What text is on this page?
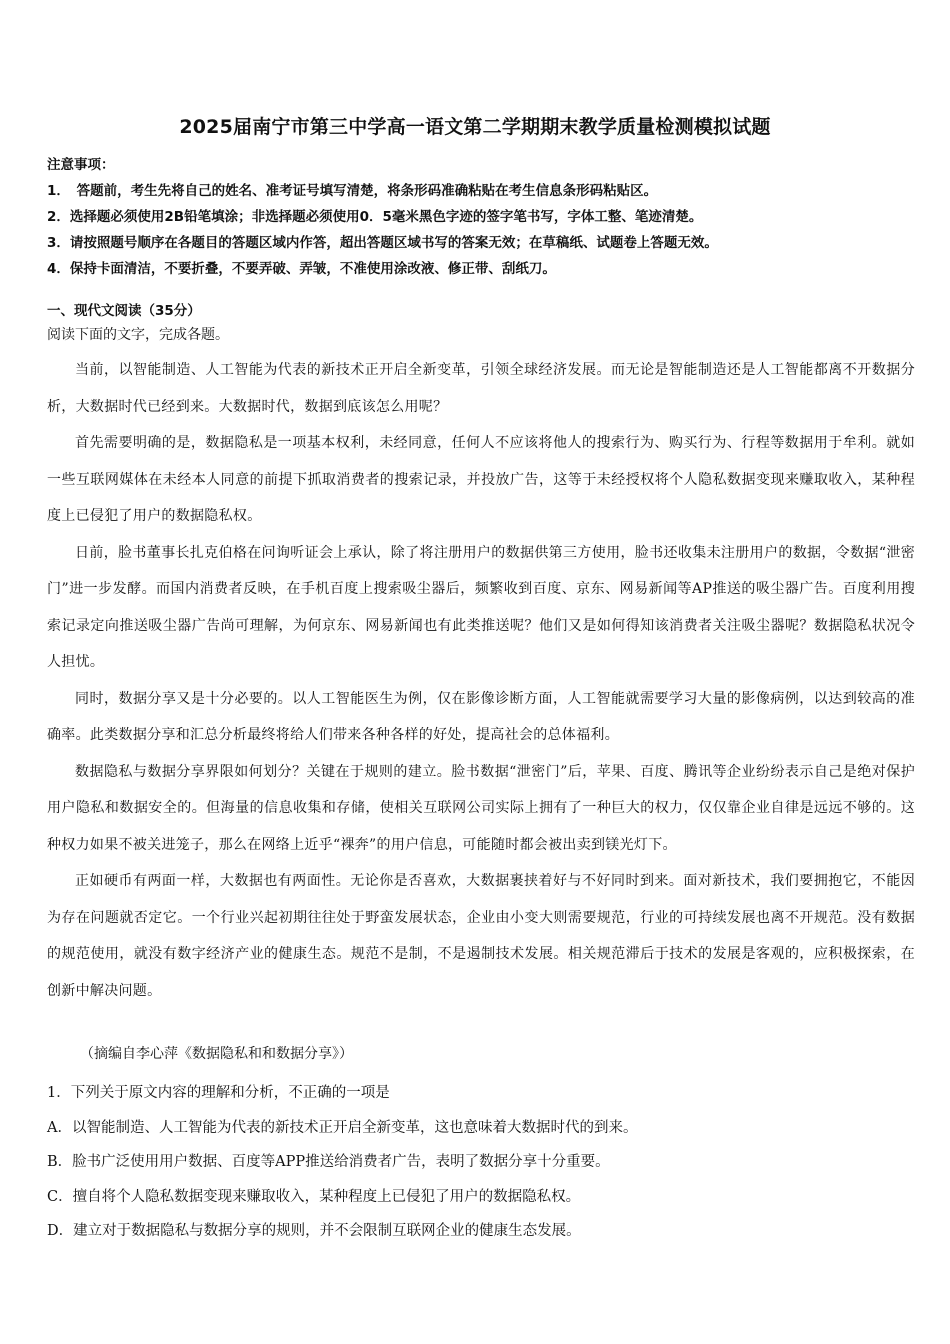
2025届南宁市第三中学高一语文第二学期期末教学质量检测模拟试题
注意事项：
1．　答题前，考生先将自己的姓名、准考证号填写清楚，将条形码准确粘贴在考生信息条形码粘贴区。
2．选择题必须使用2B铅笔填涂；非选择题必须使用0．5毫米黑色字迹的签字笔书写，字体工整、笔迹清楚。
3．请按照题号顺序在各题目的答题区域内作答，超出答题区域书写的答案无效；在草稿纸、试题卷上答题无效。
4．保持卡面清洁，不要折叠，不要弄破、弄皱，不准使用涂改液、修正带、刮纸刀。
一、现代文阅读（35分）
阅读下面的文字，完成各题。

当前，以智能制造、人工智能为代表的新技术正开启全新变革，引领全球经济发展。而无论是智能制造还是人工智能都离不开数据分析，大数据时代已经到来。大数据时代，数据到底该怎么用呢？

首先需要明确的是，数据隐私是一项基本权利，未经同意，任何人不应该将他人的搜索行为、购买行为、行程等数据用于牟利。就如一些互联网媒体在未经本人同意的前提下抓取消费者的搜索记录，并投放广告，这等于未经授权将个人隐私数据变现来赚取收入，某种程度上已侵犯了用户的数据隐私权。

日前，脸书董事长扎克伯格在问询听证会上承认，除了将注册用户的数据供第三方使用，脸书还收集未注册用户的数据，令数据“泄密门”进一步发酵。而国内消费者反映，在手机百度上搜索吸尘器后，频繁收到百度、京东、网易新闻等AP推送的吸尘器广告。百度利用搜索记录定向推送吸尘器广告尚可理解，为何京东、网易新闻也有此类推送呢？他们又是如何得知该消费者关注吸尘器呢？数据隐私状况令人担忧。

同时，数据分享又是十分必要的。以人工智能医生为例，仅在影像诊断方面，人工智能就需要学习大量的影像病例，以达到较高的准确率。此类数据分享和汇总分析最终将给人们带来各种各样的好处，提高社会的总体福利。

数据隐私与数据分享界限如何划分？关键在于规则的建立。脸书数据“泄密门”后，苹果、百度、腾讯等企业纷纷表示自己是绝对保护用户隐私和数据安全的。但海量的信息收集和存储，使相关互联网公司实际上拥有了一种巨大的权力，仅仅靠企业自律是远远不够的。这种权力如果不被关进笼子，那么在网络上近乎“裸奔”的用户信息，可能随时都会被出卖到镁光灯下。

正如硬币有两面一样，大数据也有两面性。无论你是否喜欢，大数据裹挟着好与不好同时到来。面对新技术，我们要拥抱它，不能因为存在问题就否定它。一个行业兴起初期往往处于野蛮发展状态，企业由小变大则需要规范，行业的可持续发展也离不开规范。没有数据的规范使用，就没有数字经济产业的健康生态。规范不是制，不是遏制技术发展。相关规范滞后于技术的发展是客观的，应积极探索，在创新中解决问题。

（摘编自李心萍《数据隐私和和数据分享》）
1．下列关于原文内容的理解和分析，不正确的一项是
A．以智能制造、人工智能为代表的新技术正开启全新变革，这也意味着大数据时代的到来。
B．脸书广泛使用用户数据、百度等APP推送给消费者广告，表明了数据分享十分重要。
C．擅自将个人隐私数据变现来赚取收入，某种程度上已侵犯了用户的数据隐私权。
D．建立对于数据隐私与数据分享的规则，并不会限制互联网企业的健康生态发展。
